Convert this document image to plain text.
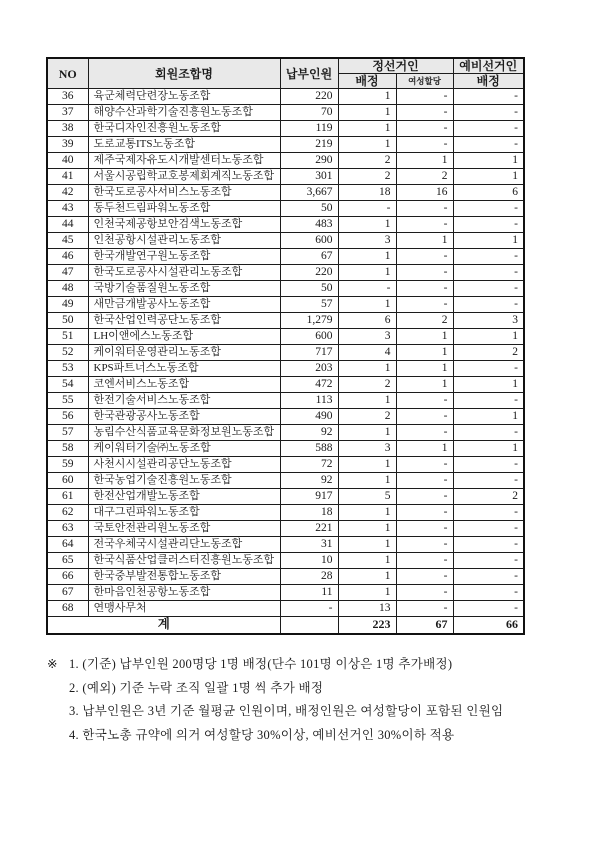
NO	회원조합명	납부인원	정선거인		예비선거인
			배정	여성할당	배정
36	육군체력단련장노동조합	220	1	-	-
37	해양수산과학기술진흥원노동조합	70	1	-	-
38	한국디자인진흥원노동조합	119	1	-	-
39	도로교통ITS노동조합	219	1	-	-
40	제주국제자유도시개발센터노동조합	290	2	1	1
41	서울시공립학교호봉제회계직노동조합	301	2	2	1
42	한국도로공사서비스노동조합	3,667	18	16	6
43	동두천드림파워노동조합	50	-	-	-
44	인천국제공항보안검색노동조합	483	1	-	-
45	인천공항시설관리노동조합	600	3	1	1
46	한국개발연구원노동조합	67	1	-	-
47	한국도로공사시설관리노동조합	220	1	-	-
48	국방기술품질원노동조합	50	-	-	-
49	새만금개발공사노동조합	57	1	-	-
50	한국산업인력공단노동조합	1,279	6	2	3
51	LH이앤에스노동조합	600	3	1	1
52	케이워터운영관리노동조합	717	4	1	2
53	KPS파트너스노동조합	203	1	1	-
54	코엔서비스노동조합	472	2	1	1
55	한전기술서비스노동조합	113	1	-	-
56	한국관광공사노동조합	490	2	-	1
57	농림수산식품교육문화정보원노동조합	92	1	-	-
58	케이워터기술㈜노동조합	588	3	1	1
59	사천시시설관리공단노동조합	72	1	-	-
60	한국농업기술진흥원노동조합	92	1	-	-
61	한전산업개발노동조합	917	5	-	2
62	대구그린파워노동조합	18	1	-	-
63	국토안전관리원노동조합	221	1	-	-
64	전국우체국시설관리단노동조합	31	1	-	-
65	한국식품산업클러스터진흥원노동조합	10	1	-	-
66	한국중부발전통합노동조합	28	1	-	-
67	한마음인천공항노동조합	11	1	-	-
68	연맹사무처	-	13	-	-
계			223	67	66
※ 1. (기준) 납부인원 200명당 1명 배정(단수 101명 이상은 1명 추가배정)
2. (예외) 기준 누락 조직 일괄 1명 씩 추가 배정
3. 납부인원은 3년 기준 월평균 인원이며, 배정인원은 여성할당이 포함된 인원임
4. 한국노총 규약에 의거 여성할당 30%이상, 예비선거인 30%이하 적용
